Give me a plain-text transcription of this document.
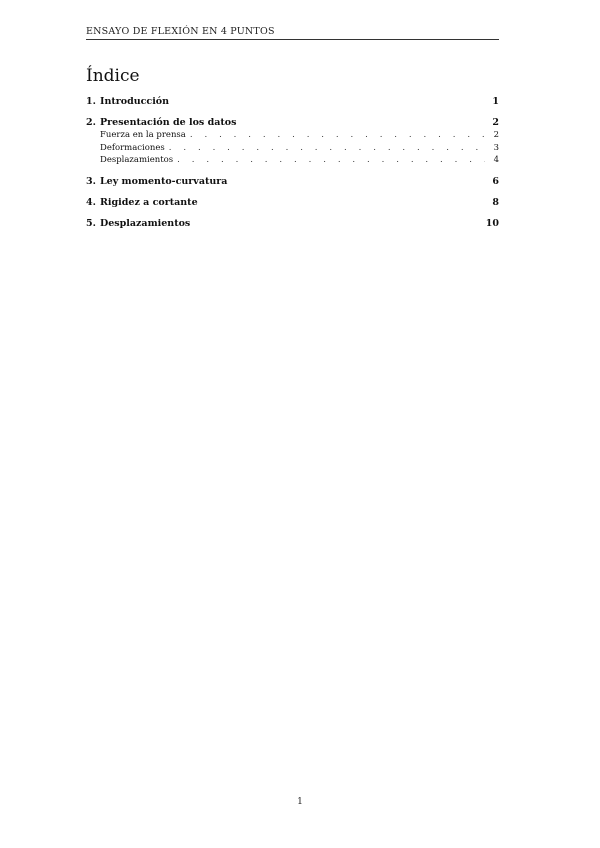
ENSAYO DE FLEXIÓN EN 4 PUNTOS
Índice
1. Introducción	1
2. Presentación de los datos	2
Fuerza en la prensa . . .	2
Deformaciones . . .	3
Desplazamientos . . .	4
3. Ley momento-curvatura	6
4. Rigidez a cortante	8
5. Desplazamientos	10
1
